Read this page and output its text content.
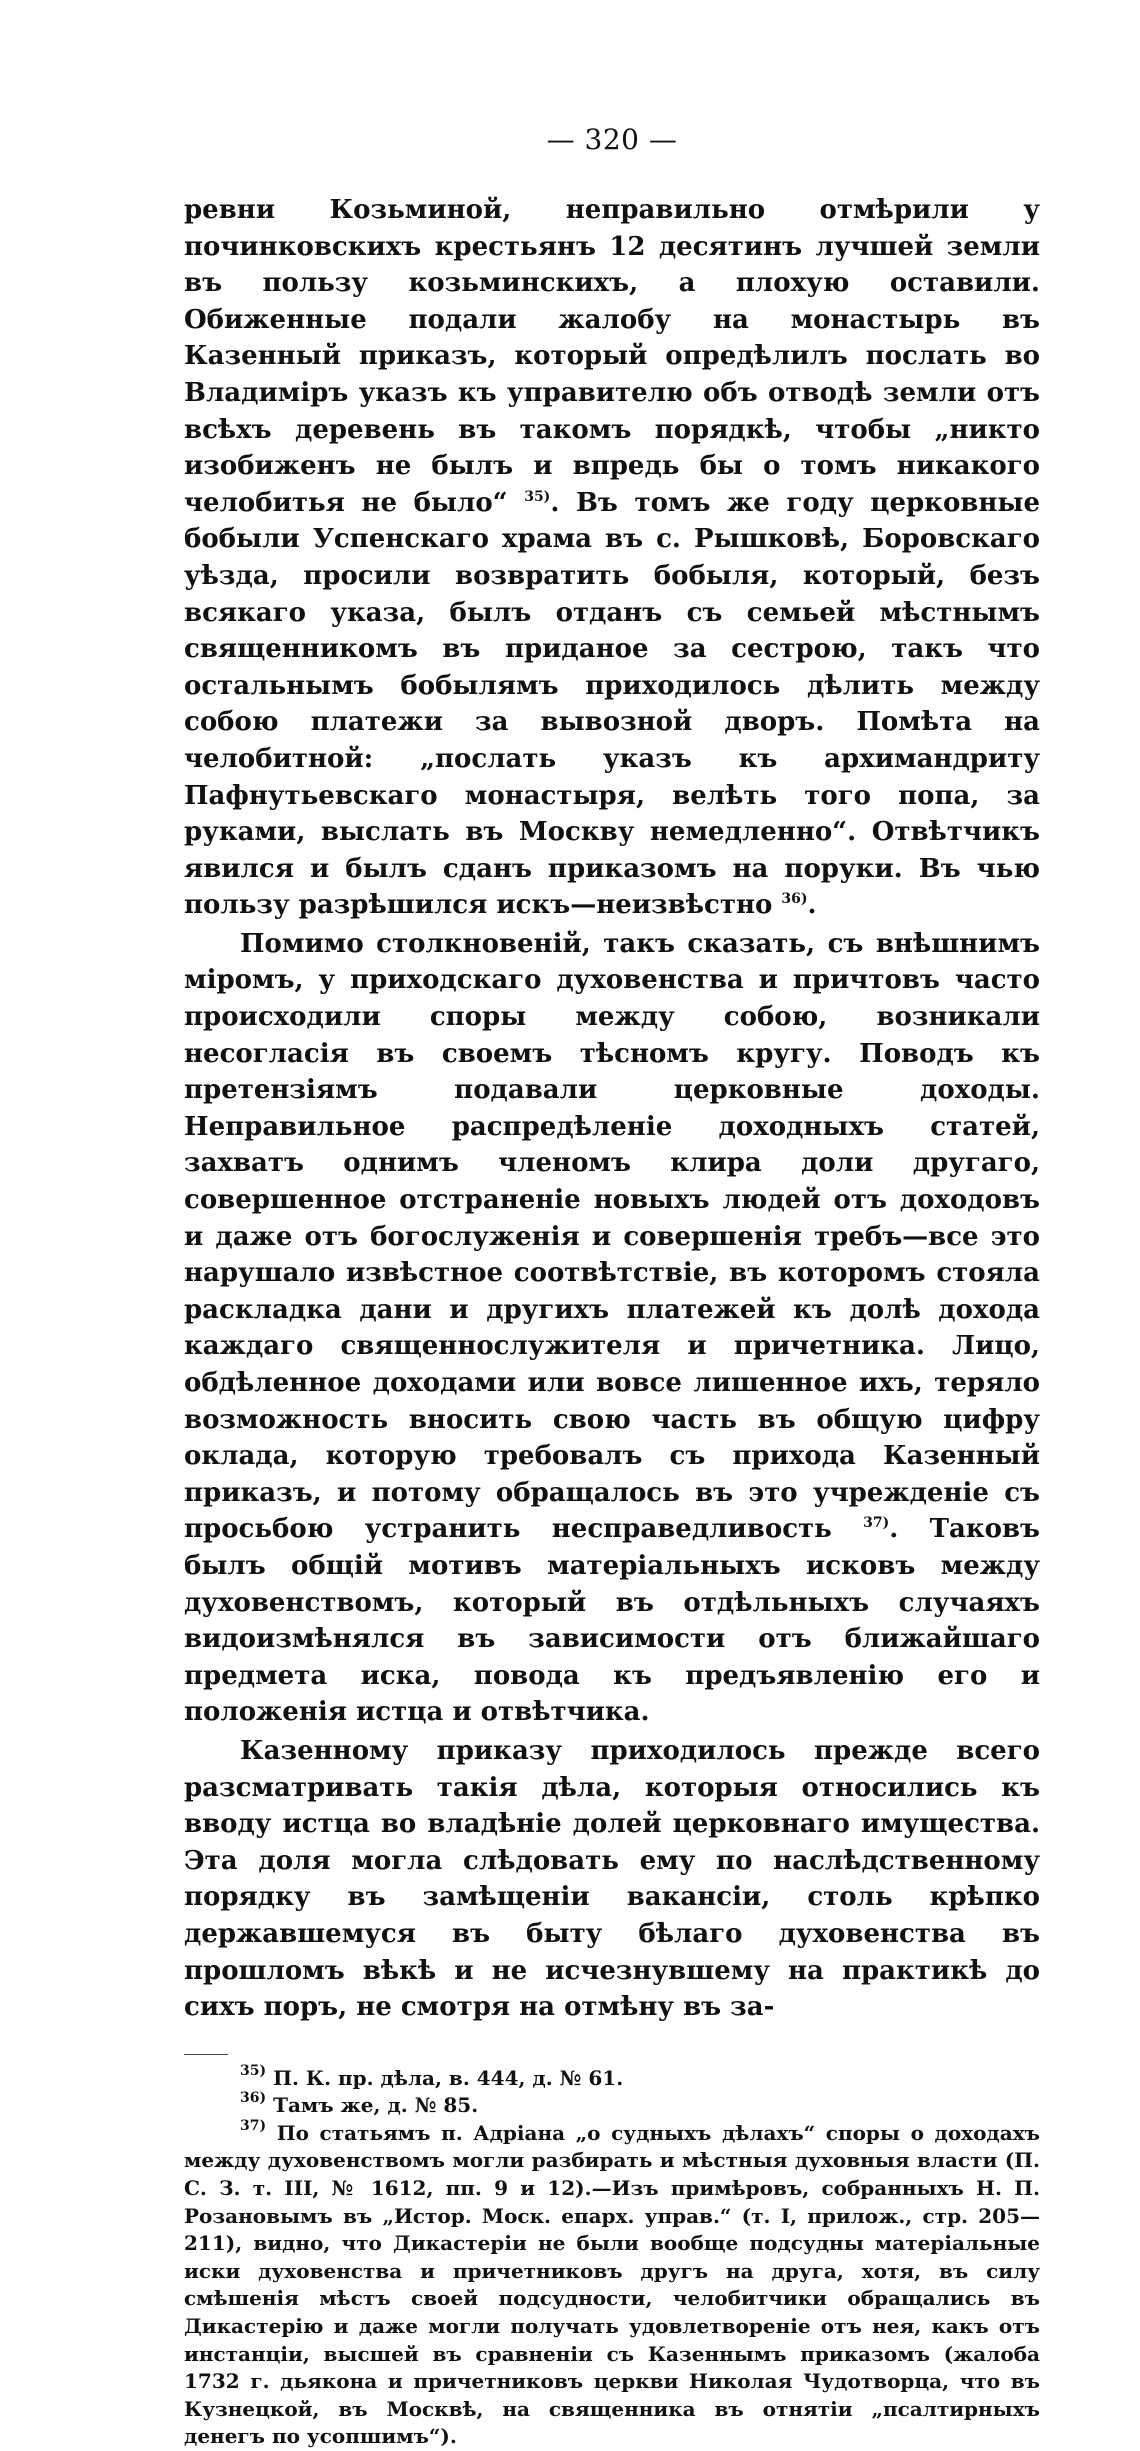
— 320 —

ревни Козьминой, неправильно отмѣрили у починковскихъ крестьянъ 12 десятинъ лучшей земли въ пользу козьминскихъ, а плохую оставили. Обиженные подали жалобу на монастырь въ Казенный приказъ, который опредѣлилъ послать во Владиміръ указъ къ управителю объ отводѣ земли отъ всѣхъ деревень въ такомъ порядкѣ, чтобы „никто изобиженъ не былъ и впредь бы о томъ никакого челобитья не было“ $^{35)}$. Въ томъ же году церковные бобыли Успенскаго храма въ с. Рышковѣ, Боровскаго уѣзда, просили возвратить бобыля, который, безъ всякаго указа, былъ отданъ съ семьей мѣстнымъ священникомъ въ приданое за сестрою, такъ что остальнымъ бобылямъ приходилось дѣлить между собою платежи за вывозной дворъ. Помѣта на челобитной: „послать указъ къ архимандриту Пафнутьевскаго монастыря, велѣть того попа, за руками, выслать въ Москву немедленно“. Отвѣтчикъ явился и былъ сданъ приказомъ на поруки. Въ чью пользу разрѣшился искъ—неизвѣстно $^{36)}$.

Помимо столкновеній, такъ сказать, съ внѣшнимъ міромъ, у приходскаго духовенства и причтовъ часто происходили споры между собою, возникали несогласія въ своемъ тѣсномъ кругу. Поводъ къ претензіямъ подавали церковные доходы. Неправильное распредѣленіе доходныхъ статей, захватъ однимъ членомъ клира доли другаго, совершенное отстраненіе новыхъ людей отъ доходовъ и даже отъ богослуженія и совершенія требъ—все это нарушало извѣстное соотвѣтствіе, въ которомъ стояла раскладка дани и другихъ платежей къ долѣ дохода каждаго священнослужителя и причетника. Лицо, обдѣленное доходами или вовсе лишенное ихъ, теряло возможность вносить свою часть въ общую цифру оклада, которую требовалъ съ прихода Казенный приказъ, и потому обращалось въ это учрежденіе съ просьбою устранить несправедливость $^{37)}$. Таковъ былъ общій мотивъ матеріальныхъ исковъ между духовенствомъ, который въ отдѣльныхъ случаяхъ видоизмѣнялся въ зависимости отъ ближайшаго предмета иска, повода къ предъявленію его и положенія истца и отвѣтчика.

Казенному приказу приходилось прежде всего разсматривать такія дѣла, которыя относились къ вводу истца во владѣніе долей церковнаго имущества. Эта доля могла слѣдовать ему по наслѣдственному порядку въ замѣщеніи вакансіи, столь крѣпко державшемуся въ быту бѣлаго духовенства въ прошломъ вѣкѣ и не исчезнувшему на практикѣ до сихъ поръ, не смотря на отмѣну въ за-

$^{35)}$ П. К. пр. дѣла, в. 444, д. № 61.

$^{36)}$ Тамъ же, д. № 85.

$^{37)}$ По статьямъ п. Адріана „о судныхъ дѣлахъ“ споры о доходахъ между духовенствомъ могли разбирать и мѣстныя духовныя власти (П. С. З. т. III, № 1612, пп. 9 и 12).—Изъ примѣровъ, собранныхъ Н. П. Розановымъ въ „Истор. Моск. епарх. управ.“ (т. I, прилож., стр. 205—211), видно, что Дикастеріи не были вообще подсудны матеріальные иски духовенства и причетниковъ другъ на друга, хотя, въ силу смѣшенія мѣстъ своей подсудности, челобитчики обращались въ Дикастерію и даже могли получать удовлетвореніе отъ нея, какъ отъ инстанціи, высшей въ сравненіи съ Казеннымъ приказомъ (жалоба 1732 г. дьякона и причетниковъ церкви Николая Чудотворца, что въ Кузнецкой, въ Москвѣ, на священника въ отнятіи „псалтирныхъ денегъ по усопшимъ“).
